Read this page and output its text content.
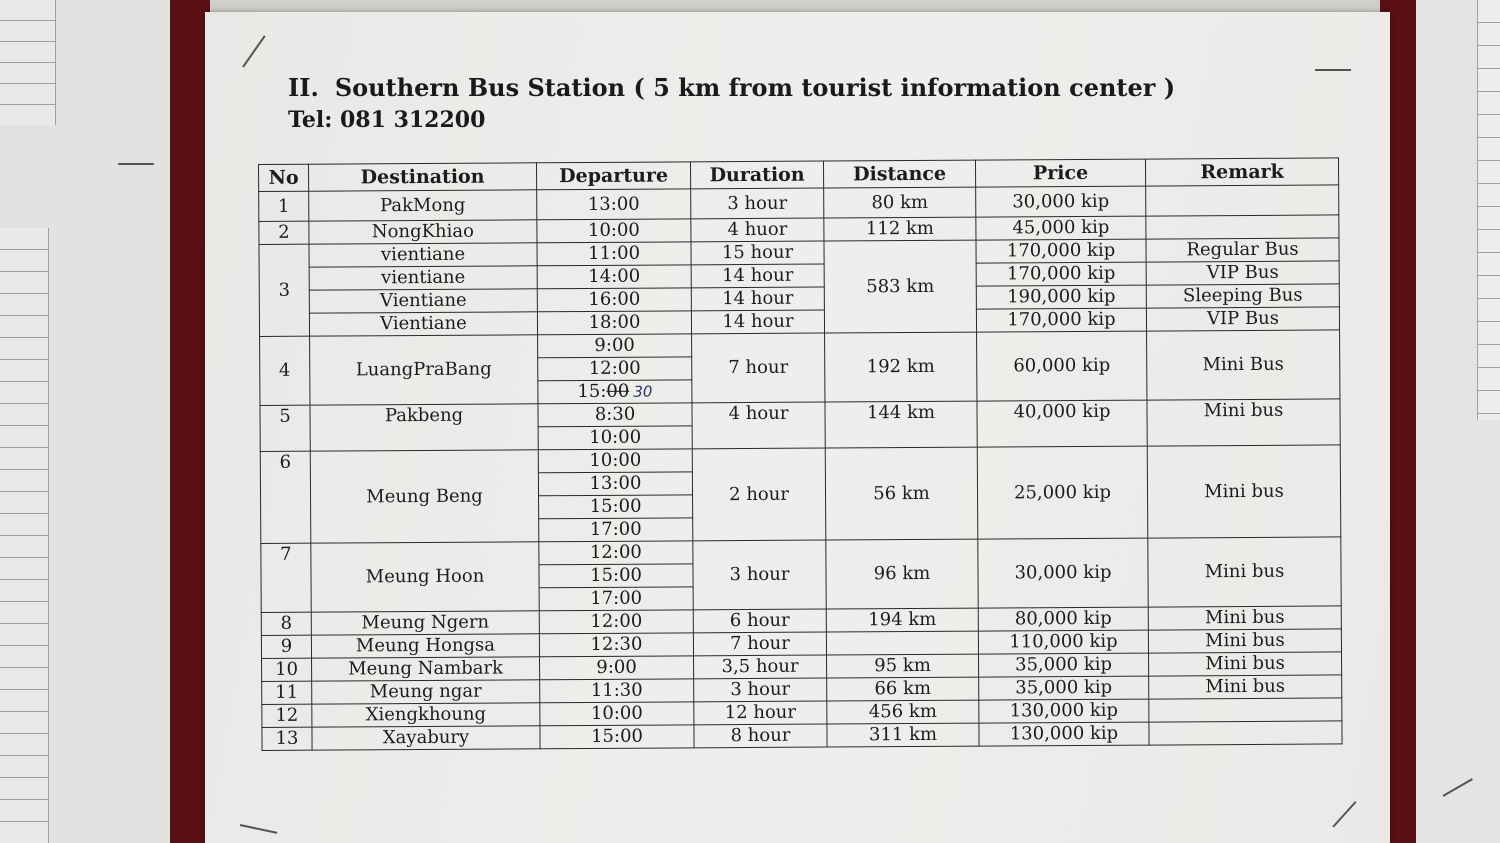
II. Southern Bus Station ( 5 km from tourist information center )

Tel: 081 312200

No	Destination	Departure	Duration	Distance	Price	Remark
1	PakMong	13:00	3 hour	80 km	30,000 kip	
2	NongKhiao	10:00	4 huor	112 km	45,000 kip	
3	vientiane	11:00	15 hour	583 km	170,000 kip	Regular Bus
	vientiane	14:00	14 hour		170,000 kip	VIP Bus
	Vientiane	16:00	14 hour		190,000 kip	Sleeping Bus
	Vientiane	18:00	14 hour		170,000 kip	VIP Bus
4	LuangPraBang	9:00	7 hour	192 km	60,000 kip	Mini Bus
		12:00				
		15:00 30				
5	Pakbeng	8:30	4 hour	144 km	40,000 kip	Mini bus
		10:00				
6	Meung Beng	10:00	2 hour	56 km	25,000 kip	Mini bus
		13:00				
		15:00				
		17:00				
7	Meung Hoon	12:00	3 hour	96 km	30,000 kip	Mini bus
		15:00				
		17:00				
8	Meung Ngern	12:00	6 hour	194 km	80,000 kip	Mini bus
9	Meung Hongsa	12:30	7 hour		110,000 kip	Mini bus
10	Meung Nambark	9:00	3,5 hour	95 km	35,000 kip	Mini bus
11	Meung ngar	11:30	3 hour	66 km	35,000 kip	Mini bus
12	Xiengkhoung	10:00	12 hour	456 km	130,000 kip	
13	Xayabury	15:00	8 hour	311 km	130,000 kip	
